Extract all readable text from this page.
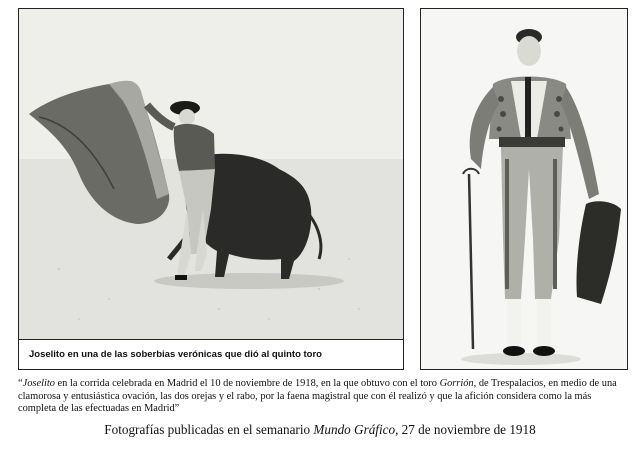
Joselito en una de las soberbias verónicas que dió al quinto toro
“Joselito en la corrida celebrada en Madrid el 10 de noviembre de 1918, en la que obtuvo con el toro Gorrión, de Trespalacios, en medio de una clamorosa y entusiástica ovación, las dos orejas y el rabo, por la faena magistral que con él realizó y que la afición considera como la más completa de las efectuadas en Madrid”
Fotografías publicadas en el semanario Mundo Gráfico, 27 de noviembre de 1918
